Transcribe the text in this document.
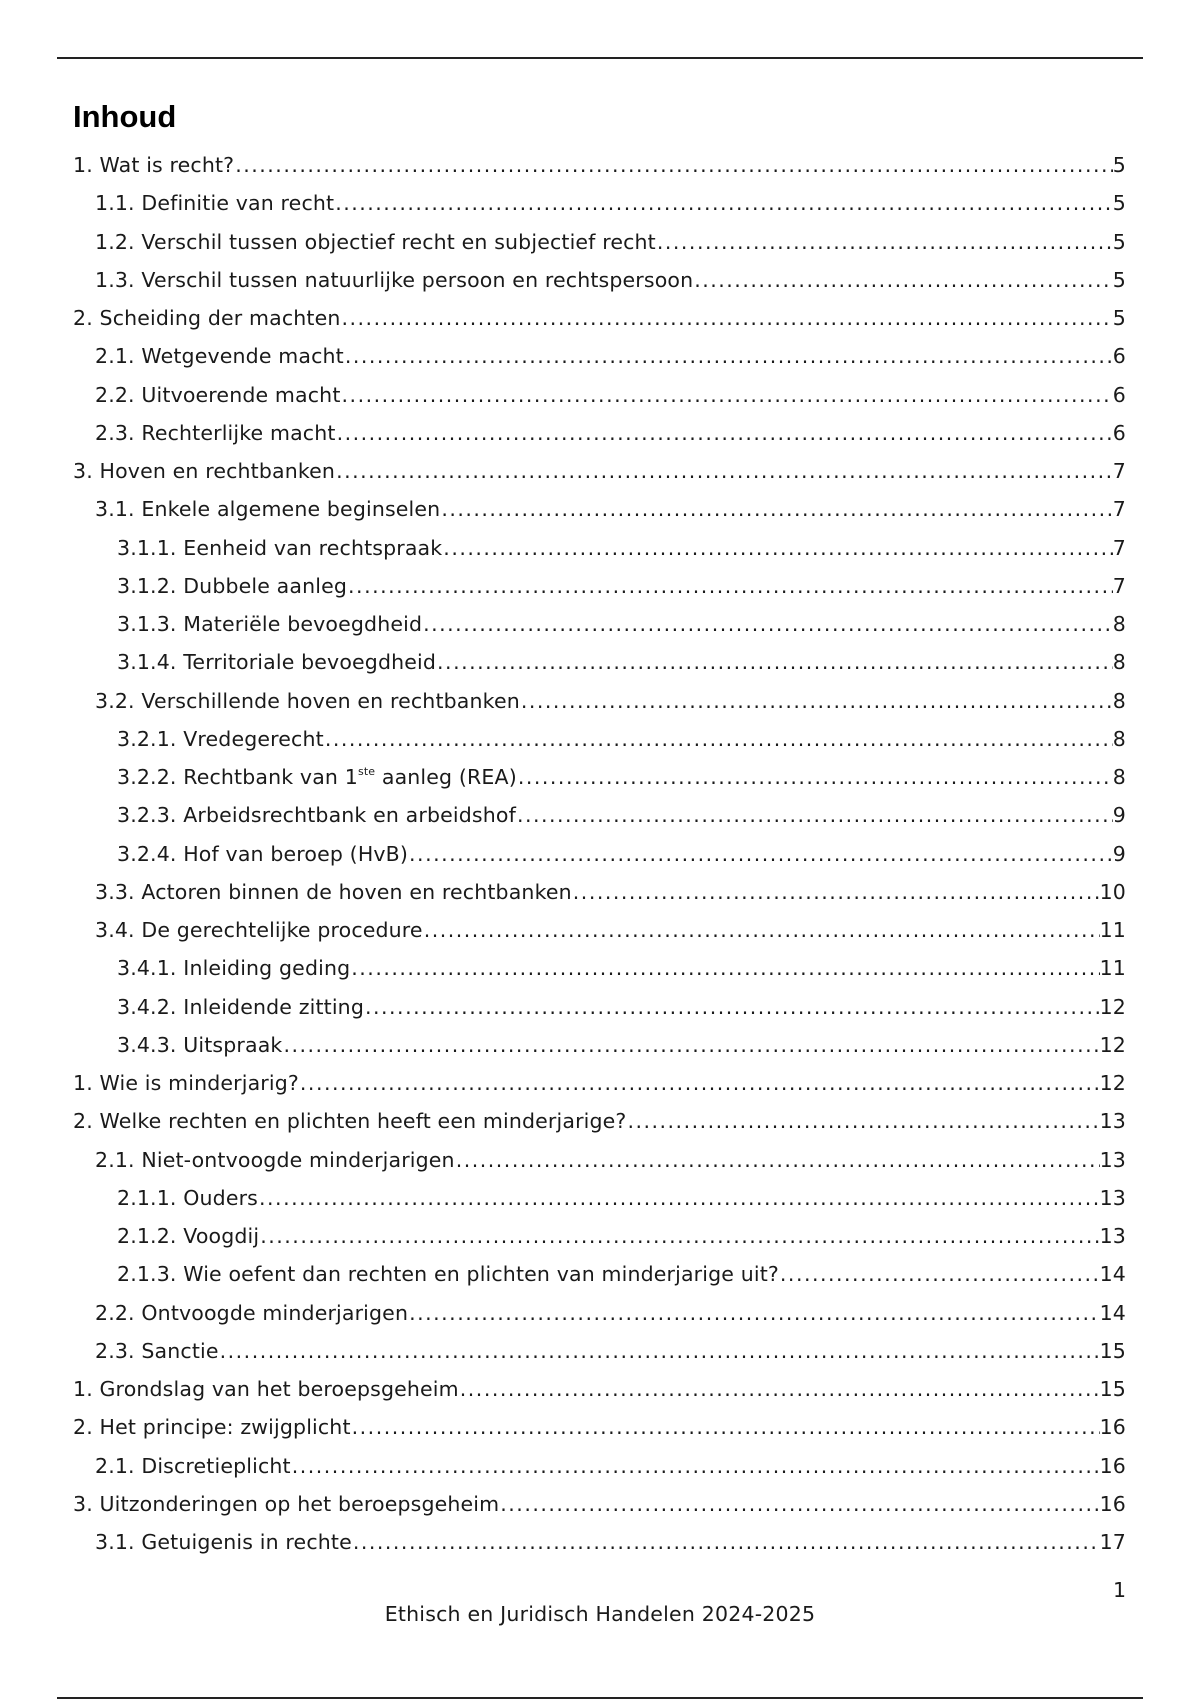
Inhoud
1. Wat is recht? .....	5
1.1. Definitie van recht .....	5
1.2. Verschil tussen objectief recht en subjectief recht .....	5
1.3. Verschil tussen natuurlijke persoon en rechtspersoon .....	5
2. Scheiding der machten .....	5
2.1. Wetgevende macht .....	6
2.2. Uitvoerende macht .....	6
2.3. Rechterlijke macht .....	6
3. Hoven en rechtbanken .....	7
3.1. Enkele algemene beginselen .....	7
3.1.1. Eenheid van rechtspraak .....	7
3.1.2. Dubbele aanleg .....	7
3.1.3. Materiële bevoegdheid .....	8
3.1.4. Territoriale bevoegdheid .....	8
3.2. Verschillende hoven en rechtbanken .....	8
3.2.1. Vredegerecht .....	8
3.2.2. Rechtbank van 1ste aanleg (REA) .....	8
3.2.3. Arbeidsrechtbank en arbeidshof .....	9
3.2.4. Hof van beroep (HvB) .....	9
3.3. Actoren binnen de hoven en rechtbanken .....	10
3.4. De gerechtelijke procedure .....	11
3.4.1. Inleiding geding .....	11
3.4.2. Inleidende zitting .....	12
3.4.3. Uitspraak .....	12
1. Wie is minderjarig? .....	12
2. Welke rechten en plichten heeft een minderjarige? .....	13
2.1. Niet-ontvoogde minderjarigen .....	13
2.1.1. Ouders .....	13
2.1.2. Voogdij .....	13
2.1.3. Wie oefent dan rechten en plichten van minderjarige uit? .....	14
2.2. Ontvoogde minderjarigen .....	14
2.3. Sanctie .....	15
1. Grondslag van het beroepsgeheim .....	15
2. Het principe: zwijgplicht .....	16
2.1. Discretieplicht .....	16
3. Uitzonderingen op het beroepsgeheim .....	16
3.1. Getuigenis in rechte .....	17
1
Ethisch en Juridisch Handelen 2024-2025
